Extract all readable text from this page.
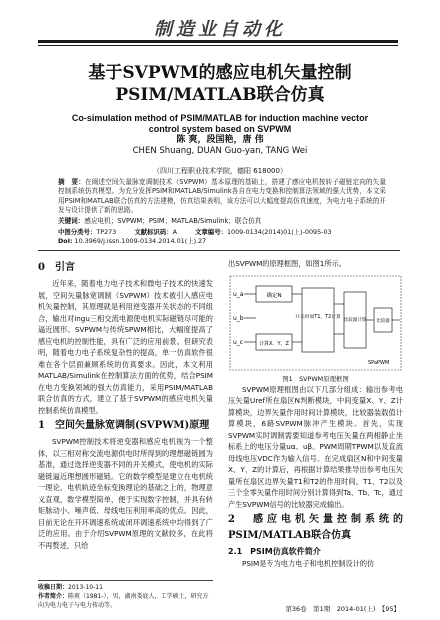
制造业自动化
基于SVPWM的感应电机矢量控制
PSIM/MATLAB联合仿真
Co-simulation method of PSIM/MATLAB for induction machine vector
control system based on SVPWM
陈 爽，段国艳，唐 伟
CHEN Shuang, DUAN Guo-yan, TANG Wei
（四川工程职业技术学院，德阳 618000）
摘　要：在阐述空间矢量脉宽调制技术（SVPWM）基本原理的基础上，搭建了感应电机按转子磁链定向的矢量控制系统仿真模型。为充分发挥PSIM和MATLAB/Simulink各自在电力变换和控制算法领域的强大优势，本文采用PSIM和MATLAB联合仿真的方法建模，仿真结果表明，该方法可以大幅度提高仿真速度，为电力电子系统的开发与设计提供了新的思路。
关键词：感应电机；SVPWM；PSIM；MATLAB/Simulink；联合仿真
中图分类号：TP273	文献标识码：A	文章编号：1009-0134(2014)01(上)-0095-03
Doi: 10.3969/j.issn.1009-0134.2014.01(上).27
0　引言
近年来，随着电力电子技术和微电子技术的快速发展，空间矢量脉宽调制（SVPWM）技术被引入感应电机矢量控制，其原理就是利用逆变器开关状态的不同组合，输出对ingu三相交流电源使电机实际磁链尽可能的逼近圆形。SVPWM与传统SPWM相比，大幅度提高了感应电机的控制性能，具有广泛的应用前景。但研究表明，随着电力电子系统复杂性的提高，单一仿真软件很难在各个层面兼顾系统的仿真要求。因此，本文利用MATLAB/Simulink在控制算法方面的优势，结合PSIM在电力变换领域的强大仿真能力，采用PSIM/MATLAB联合仿真的方式，建立了基于SVPWM的感应电机矢量控制系统仿真模型。
1　空间矢量脉宽调制(SVPWM)原理
SVPWM控制技术将逆变器和感应电机视为一个整体，以三相对称交流电源供电时所得到的理想磁链圆为基准，通过选择逆变器不同的开关模式，使电机的实际磁链逼近理想圆形磁链。它的数学模型是建立在电机统一理论、电机轨迹坐标变换理论的基础之上的，物理意义直观，数学模型简单，便于实现数字控制，并具有转矩脉动小、噪声低、母线电压利用率高的优点。因此，目前无论在开环调速系统或闭环调速系统中均得到了广泛的应用。由于介绍SVPWM原理的文献较多，在此将不再赘述，只给
出SVPWM的原理框图，如图1所示。
u_a
u_b
u_c
确定N
计算X、Y、Z
开关时间T1、T2计算
比较器计算 比较器
SPaPWM
图1　SVPWM原理框图
SVPWM原理框图由以下几部分组成：输出参考电压矢量Uref所在扇区N判断模块，中间变量X、Y、Z计算模块，边界矢量作用时间计算模块，比较器装载值计算模块，6路SVPWM脉冲产生模块。首先，实现SVPWM实时调制需要知道参考电压矢量在两相静止坐标系上的电压分量uα、uβ。PWM周期TPWM以及直流母线电压VDC作为输入信号。在完成扇区N和中间变量X、Y、Z的计算后，再根据计算结果推导出参考电压矢量所在扇区边界矢量T1和T2的作用时间，T1、T2以及三个全零矢量作用时间分别计算得到Ta、Tb、Tc，通过产生SVPWM信号的比较器完成输出。
2　感应电机矢量控制系统的PSIM/MATLAB联合仿真
2.1　PSIM仿真软件简介
PSIM是专为电力电子和电机控制设计的仿
收稿日期：2013-10-11
作者简介：陈爽（1981-），男，湖南娄底人，工学硕士，研究方向为电力电子与电力传动等。	第36卷　第1期　2014-01(上)　【95】
